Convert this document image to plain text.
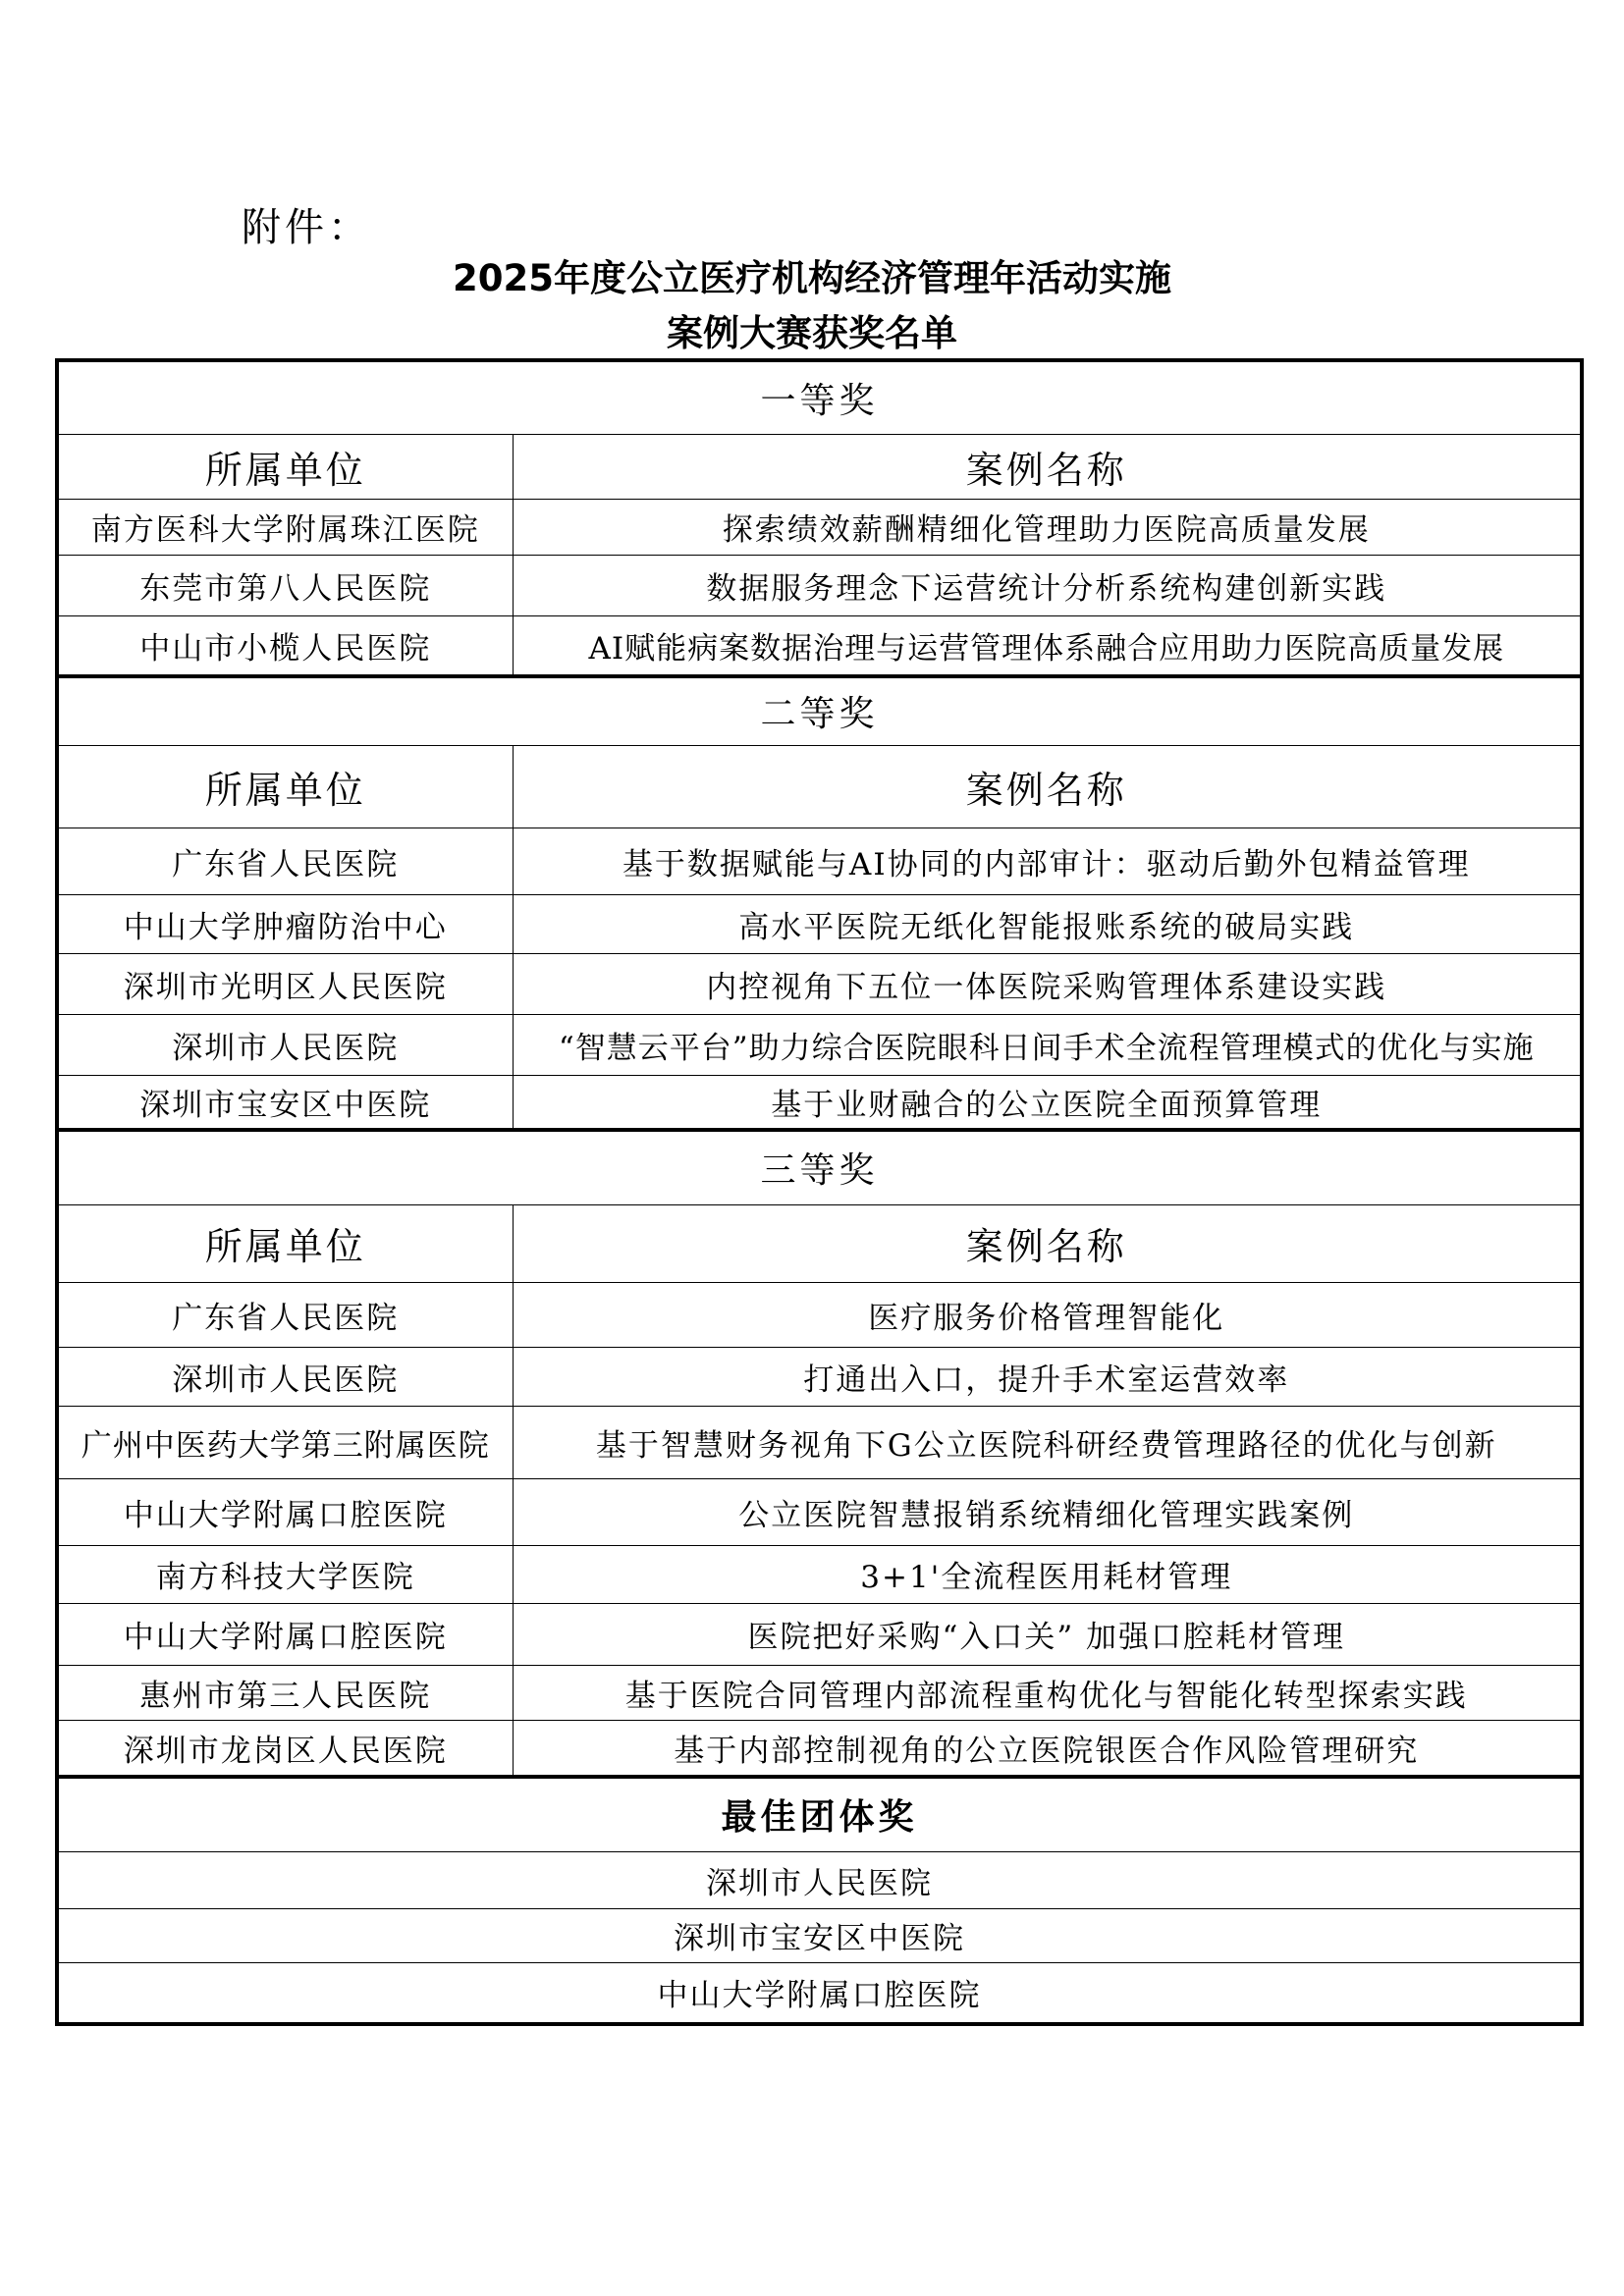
附件：
2025年度公立医疗机构经济管理年活动实施
案例大赛获奖名单
一等奖	
所属单位	案例名称
南方医科大学附属珠江医院	探索绩效薪酬精细化管理助力医院高质量发展
东莞市第八人民医院	数据服务理念下运营统计分析系统构建创新实践
中山市小榄人民医院	AI赋能病案数据治理与运营管理体系融合应用助力医院高质量发展
二等奖	
所属单位	案例名称
广东省人民医院	基于数据赋能与AI协同的内部审计：驱动后勤外包精益管理
中山大学肿瘤防治中心	高水平医院无纸化智能报账系统的破局实践
深圳市光明区人民医院	内控视角下五位一体医院采购管理体系建设实践
深圳市人民医院	“智慧云平台”助力综合医院眼科日间手术全流程管理模式的优化与实施
深圳市宝安区中医院	基于业财融合的公立医院全面预算管理
三等奖	
所属单位	案例名称
广东省人民医院	医疗服务价格管理智能化
深圳市人民医院	打通出入口，提升手术室运营效率
广州中医药大学第三附属医院	基于智慧财务视角下G公立医院科研经费管理路径的优化与创新
中山大学附属口腔医院	公立医院智慧报销系统精细化管理实践案例
南方科技大学医院	3+1'全流程医用耗材管理
中山大学附属口腔医院	医院把好采购“入口关” 加强口腔耗材管理
惠州市第三人民医院	基于医院合同管理内部流程重构优化与智能化转型探索实践
深圳市龙岗区人民医院	基于内部控制视角的公立医院银医合作风险管理研究
最佳团体奖	
深圳市人民医院	
深圳市宝安区中医院	
中山大学附属口腔医院	
